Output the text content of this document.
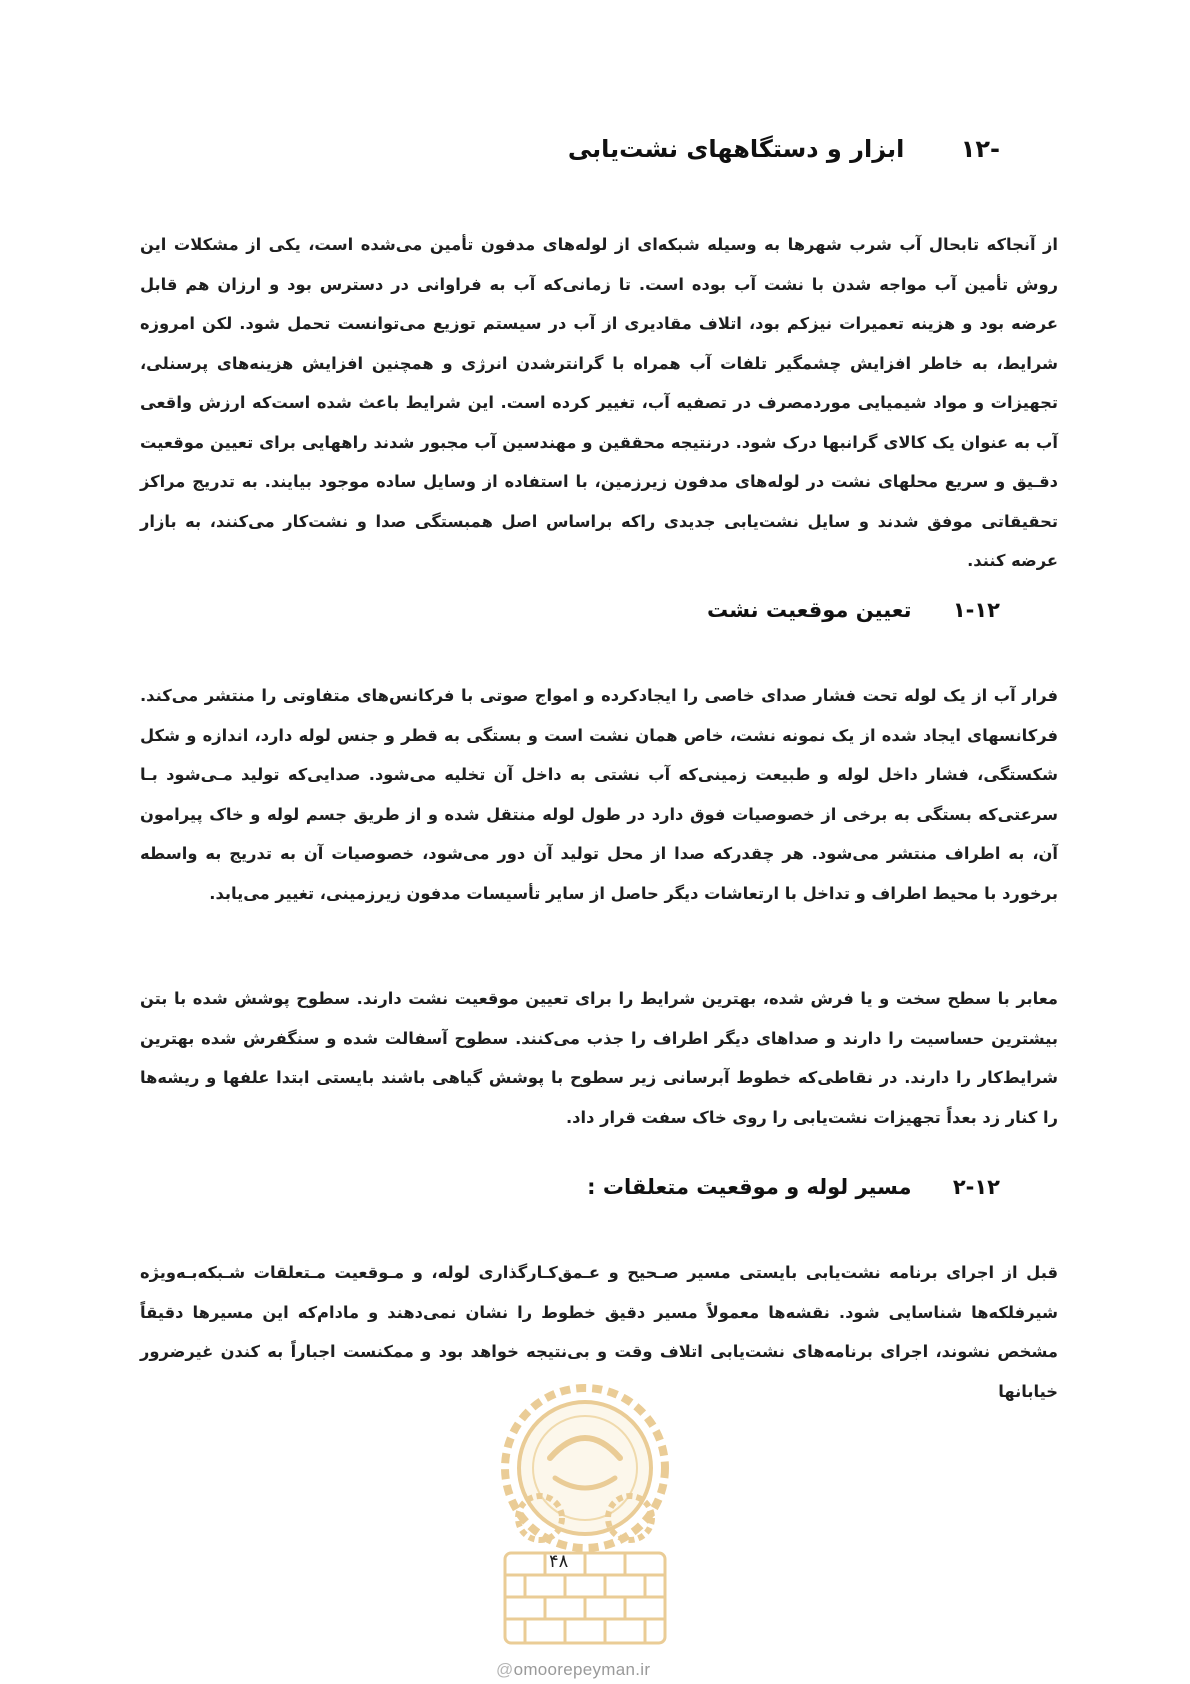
-۱۲ ابزار و دستگاههای نشت‌یابی

از آنجاکه تابحال آب شرب شهرها به وسیله شبکه‌ای از لوله‌های مدفون تأمین می‌شده است، یکی از مشکلات این روش تأمین آب مواجه شدن با نشت آب بوده است. تا زمانی‌که آب به فراوانی در دسترس بود و ارزان هم قابل عرضه بود و هزینه تعمیرات نیزکم بود، اتلاف مقادیری از آب در سیستم توزیع می‌توانست تحمل شود. لکن امروزه شرایط، به خاطر افزایش چشمگیر تلفات آب همراه با گرانترشدن انرژی و همچنین افزایش هزینه‌های پرسنلی، تجهیزات و مواد شیمیایی موردمصرف در تصفیه آب، تغییر کرده است. این شرایط باعث شده است‌که ارزش واقعی آب به عنوان یک کالای گرانبها درک شود. درنتیجه محققین و مهندسین آب مجبور شدند راههایی برای تعیین موقعیت دقـیق و سریع محلهای نشت در لوله‌های مدفون زیرزمین، با استفاده از وسایل ساده موجود بیایند. به تدریج مراکز تحقیقاتی موفق شدند و سایل نشت‌یابی جدیدی راکه براساس اصل همبستگی صدا و نشت‌کار می‌کنند، به بازار عرضه کنند.

۱-۱۲ تعیین موقعیت نشت

فرار آب از یک لوله تحت فشار صدای خاصی را ایجادکرده و امواج صوتی با فرکانس‌های متفاوتی را منتشر می‌کند. فرکانسهای ایجاد شده از یک نمونه نشت، خاص همان نشت است و بستگی به قطر و جنس لوله دارد، اندازه و شکل شکستگی، فشار داخل لوله و طبیعت زمینی‌که آب نشتی به داخل آن تخلیه می‌شود. صدایی‌که تولید مـی‌شود بـا سرعتی‌که بستگی به برخی از خصوصیات فوق دارد در طول لوله منتقل شده و از طریق جسم لوله و خاک پیرامون آن، به اطراف منتشر می‌شود. هر چقدرکه صدا از محل تولید آن دور می‌شود، خصوصیات آن به تدریج به واسطه برخورد با محیط اطراف و تداخل با ارتعاشات دیگر حاصل از سایر تأسیسات مدفون زیرزمینی، تغییر می‌یابد.

معابر با سطح سخت و یا فرش شده، بهترین شرایط را برای تعیین موقعیت نشت دارند. سطوح پوشش شده با بتن بیشترین حساسیت را دارند و صداهای دیگر اطراف را جذب می‌کنند. سطوح آسفالت شده و سنگفرش شده بهترین شرایط‌کار را دارند. در نقاطی‌که خطوط آبرسانی زیر سطوح با پوشش گیاهی باشند بایستی ابتدا علفها و ریشه‌ها را کنار زد بعداً تجهیزات نشت‌یابی را روی خاک سفت قرار داد.

۲-۱۲ مسیر لوله و موقعیت متعلقات :

قبل از اجرای برنامه نشت‌یابی بایستی مسیر صـحیح و عـمق‌کـارگذاری لوله، و مـوقعیت مـتعلقات شـبکه‌بـه‌ویژه شیرفلکه‌ها شناسایی شود. نقشه‌ها معمولاً مسیر دقیق خطوط را نشان نمی‌دهند و مادام‌که این مسیرها دقیقاً مشخص نشوند، اجرای برنامه‌های نشت‌یابی اتلاف وقت و بی‌نتیجه خواهد بود و ممکنست اجباراً به کندن غیرضرور خیابانها

۴۸
@omoorepeyman.ir
